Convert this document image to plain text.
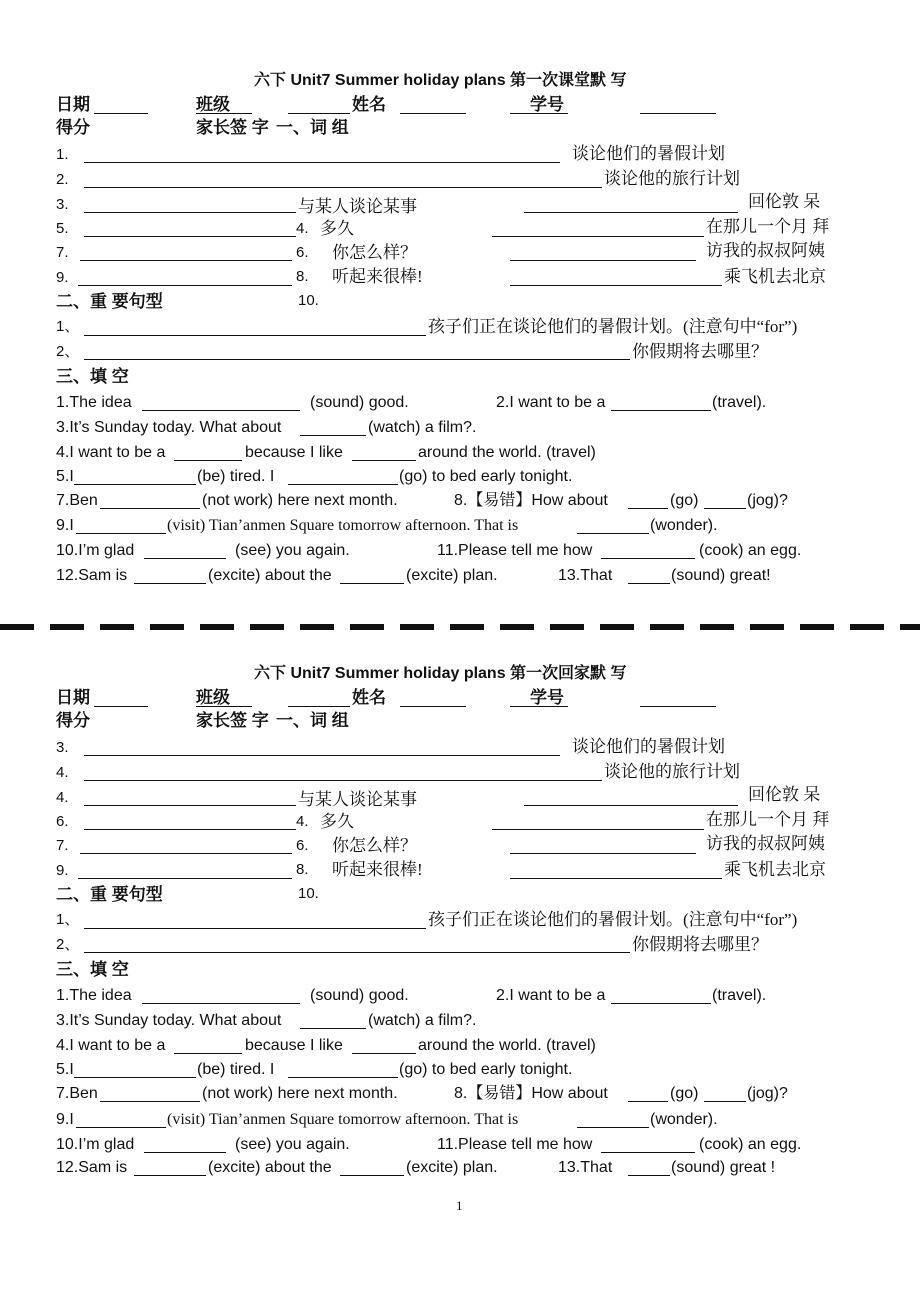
六下 Unit7 Summer holiday plans 第一次课堂默 写
日期	班级	姓名	学号
得分	家长签 字 一、词 组
1.	谈论他们的暑假计划
2.	谈论他的旅行计划
3.	与某人谈论某事	回伦敦 呆
5.	4. 多久	在那儿一个月 拜
7.	6. 你怎么样？	访我的叔叔阿姨
9.	8. 听起来很棒!	乘飞机去北京
二、重 要句型	10.
1、	孩子们正在谈论他们的暑假计划。(注意句中“for”)
2、	你假期将去哪里？
三、填 空
1.The idea	(sound) good.	2.I want to be a	(travel).
3.It’s Sunday today. What about	(watch) a film?.
4.I want to be a	because I like	around the world. (travel)
5.I	(be) tired. I	(go) to bed early tonight.
7.Ben	(not work) here next month.	8.【易错】How about	(go)	(jog)?
9.I	(visit) Tian’anmen Square tomorrow afternoon. That is	(wonder).
10.I’m glad	(see) you again.	11.Please tell me how	(cook) an egg.
12.Sam is	(excite) about the	(excite) plan.	13.That	(sound) great!
六下 Unit7 Summer holiday plans 第一次回家默 写
日期	班级	姓名	学号
得分	家长签 字 一、词 组
3.	谈论他们的暑假计划
4.	谈论他的旅行计划
4.	与某人谈论某事	回伦敦 呆
6.	4. 多久	在那儿一个月 拜
7.	6. 你怎么样？	访我的叔叔阿姨
9.	8. 听起来很棒!	乘飞机去北京
二、重 要句型	10.
1、	孩子们正在谈论他们的暑假计划。(注意句中“for”)
2、	你假期将去哪里？
三、填 空
1.The idea	(sound) good.	2.I want to be a	(travel).
3.It’s Sunday today. What about	(watch) a film?.
4.I want to be a	because I like	around the world. (travel)
5.I	(be) tired. I	(go) to bed early tonight.
7.Ben	(not work) here next month.	8.【易错】How about	(go)	(jog)?
9.I	(visit) Tian’anmen Square tomorrow afternoon. That is	(wonder).
10.I’m glad	(see) you again.	11.Please tell me how	(cook) an egg.
12.Sam is	(excite) about the	(excite) plan.	13.That	(sound) great !
1
